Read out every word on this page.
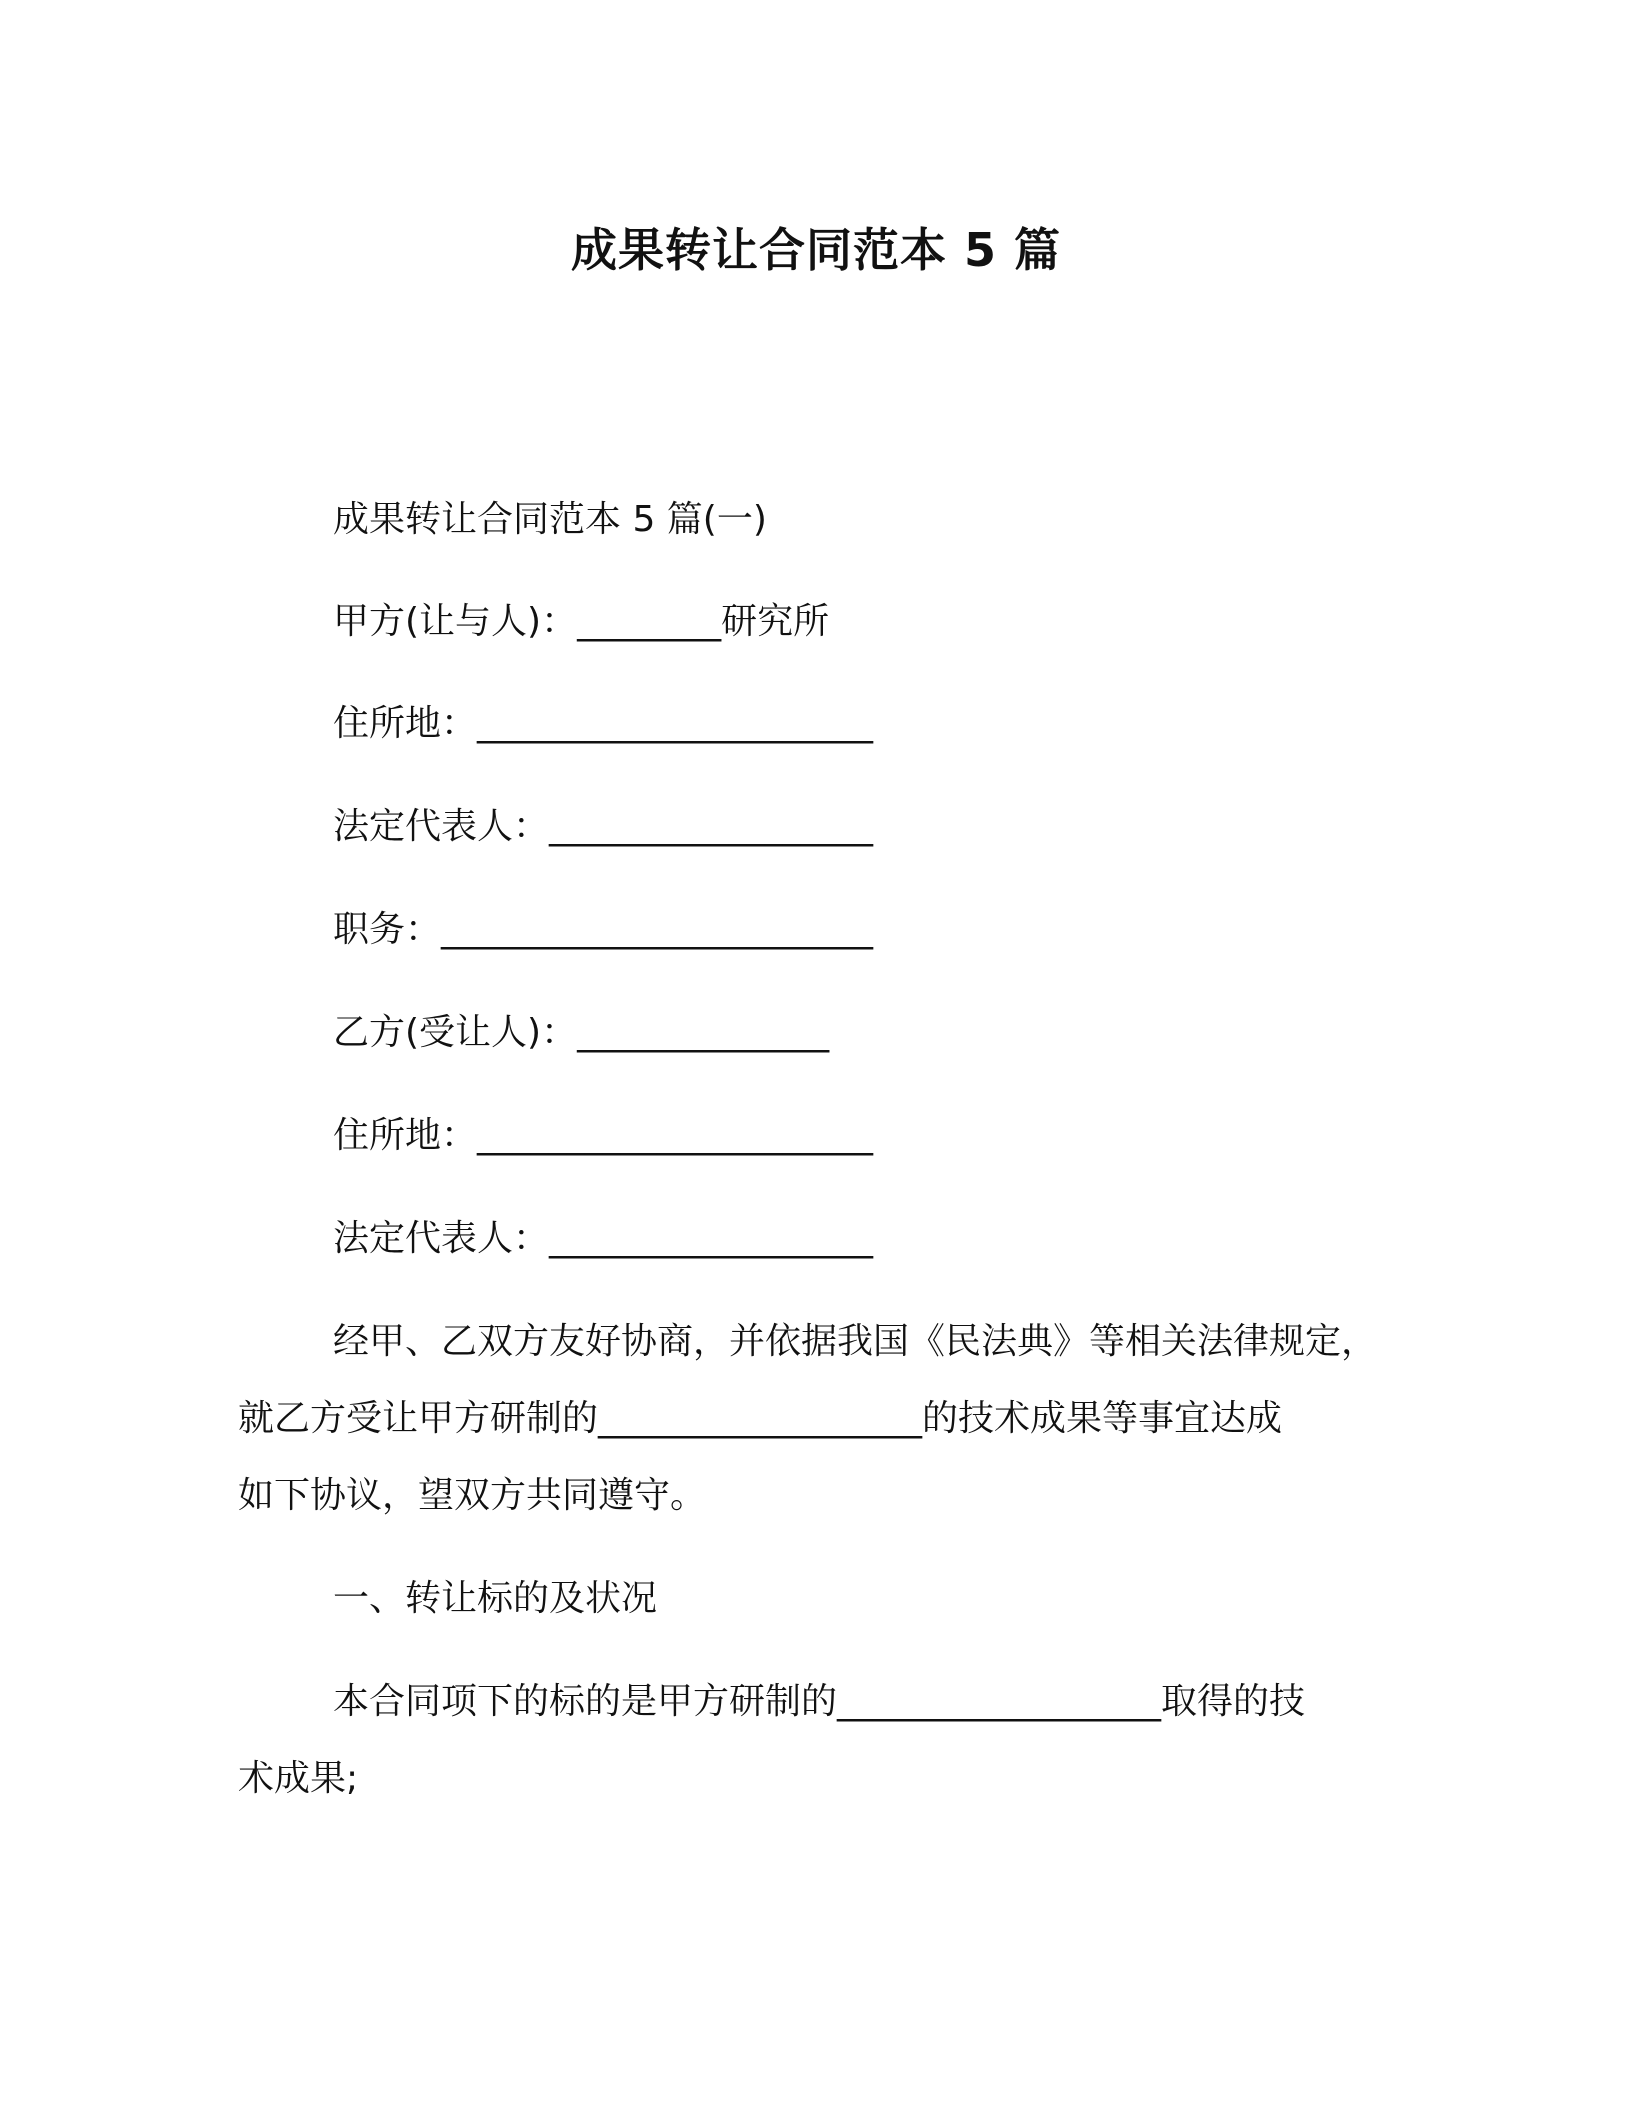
成果转让合同范本 5 篇
成果转让合同范本 5 篇(一)
甲方(让与人)：________研究所
住所地：______________________
法定代表人：__________________
职务：________________________
乙方(受让人)：______________
住所地：______________________
法定代表人：__________________
经甲、乙双方友好协商，并依据我国《民法典》等相关法律规定，
就乙方受让甲方研制的__________________的技术成果等事宜达成
如下协议，望双方共同遵守。
一、转让标的及状况
本合同项下的标的是甲方研制的__________________取得的技
术成果;
